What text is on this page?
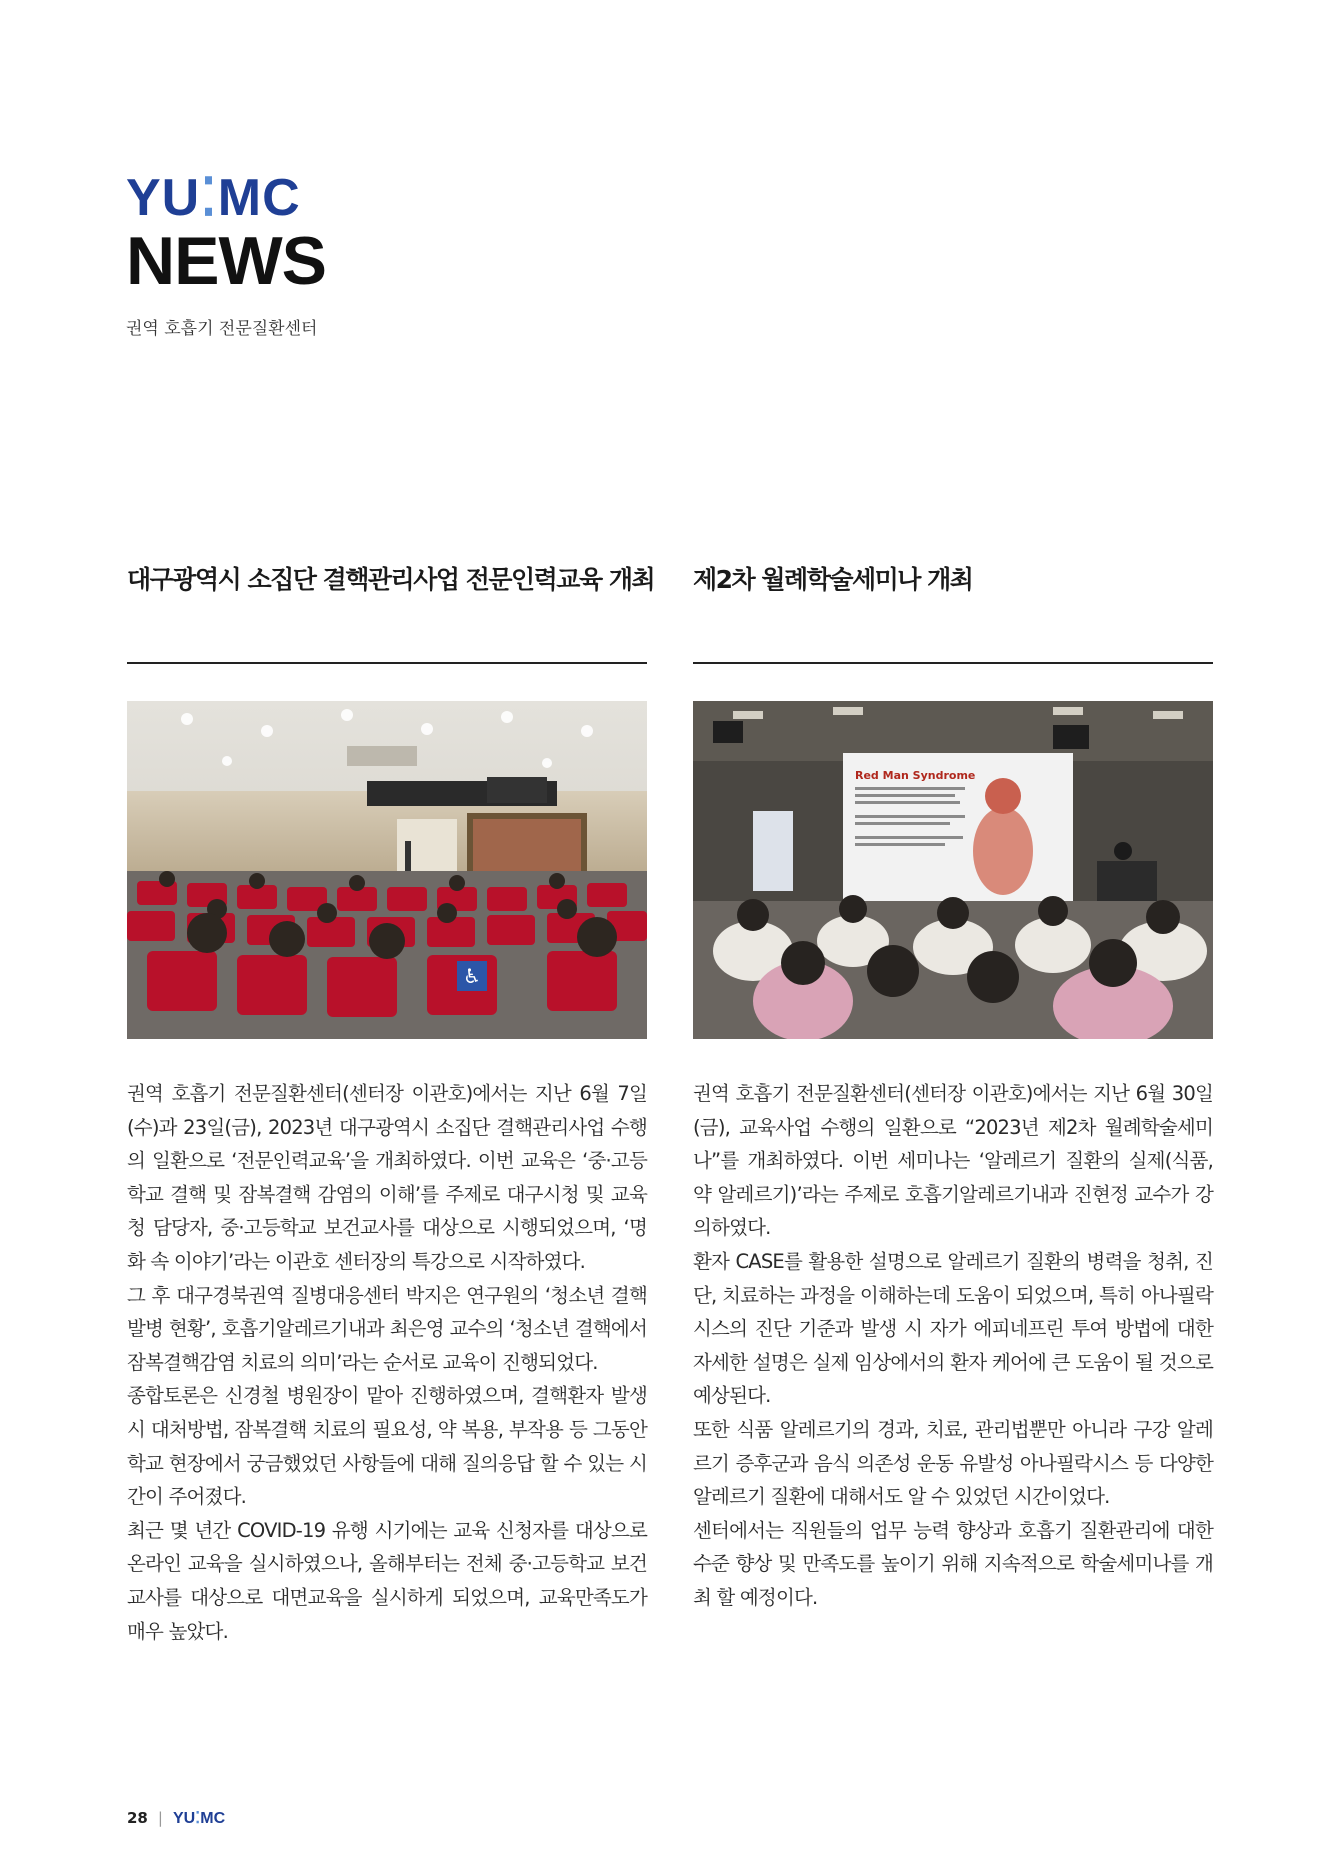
YU⁚MC
NEWS
권역 호흡기 전문질환센터
대구광역시 소집단 결핵관리사업 전문인력교육 개최
♿

권역 호흡기 전문질환센터(센터장 이관호)에서는 지난 6월 7일(수)과 23일(금), 2023년 대구광역시 소집단 결핵관리사업 수행의 일환으로 ‘전문인력교육’을 개최하였다. 이번 교육은 ‘중·고등학교 결핵 및 잠복결핵 감염의 이해’를 주제로 대구시청 및 교육청 담당자, 중·고등학교 보건교사를 대상으로 시행되었으며, ‘명화 속 이야기’라는 이관호 센터장의 특강으로 시작하였다.

그 후 대구경북권역 질병대응센터 박지은 연구원의 ‘청소년 결핵 발병 현황’, 호흡기알레르기내과 최은영 교수의 ‘청소년 결핵에서 잠복결핵감염 치료의 의미’라는 순서로 교육이 진행되었다.

종합토론은 신경철 병원장이 맡아 진행하였으며, 결핵환자 발생 시 대처방법, 잠복결핵 치료의 필요성, 약 복용, 부작용 등 그동안 학교 현장에서 궁금했었던 사항들에 대해 질의응답 할 수 있는 시간이 주어졌다.

최근 몇 년간 COVID-19 유행 시기에는 교육 신청자를 대상으로 온라인 교육을 실시하였으나, 올해부터는 전체 중·고등학교 보건교사를 대상으로 대면교육을 실시하게 되었으며, 교육만족도가 매우 높았다.

제2차 월례학술세미나 개최
Red Man Syndrome

권역 호흡기 전문질환센터(센터장 이관호)에서는 지난 6월 30일(금), 교육사업 수행의 일환으로 “2023년 제2차 월례학술세미나”를 개최하였다. 이번 세미나는 ‘알레르기 질환의 실제(식품, 약 알레르기)’라는 주제로 호흡기알레르기내과 진현정 교수가 강의하였다.

환자 CASE를 활용한 설명으로 알레르기 질환의 병력을 청취, 진단, 치료하는 과정을 이해하는데 도움이 되었으며, 특히 아나필락시스의 진단 기준과 발생 시 자가 에피네프린 투여 방법에 대한 자세한 설명은 실제 임상에서의 환자 케어에 큰 도움이 될 것으로 예상된다.

또한 식품 알레르기의 경과, 치료, 관리법뿐만 아니라 구강 알레르기 증후군과 음식 의존성 운동 유발성 아나필락시스 등 다양한 알레르기 질환에 대해서도 알 수 있었던 시간이었다.

센터에서는 직원들의 업무 능력 향상과 호흡기 질환관리에 대한 수준 향상 및 만족도를 높이기 위해 지속적으로 학술세미나를 개최 할 예정이다.

28 | YU⁚MC
